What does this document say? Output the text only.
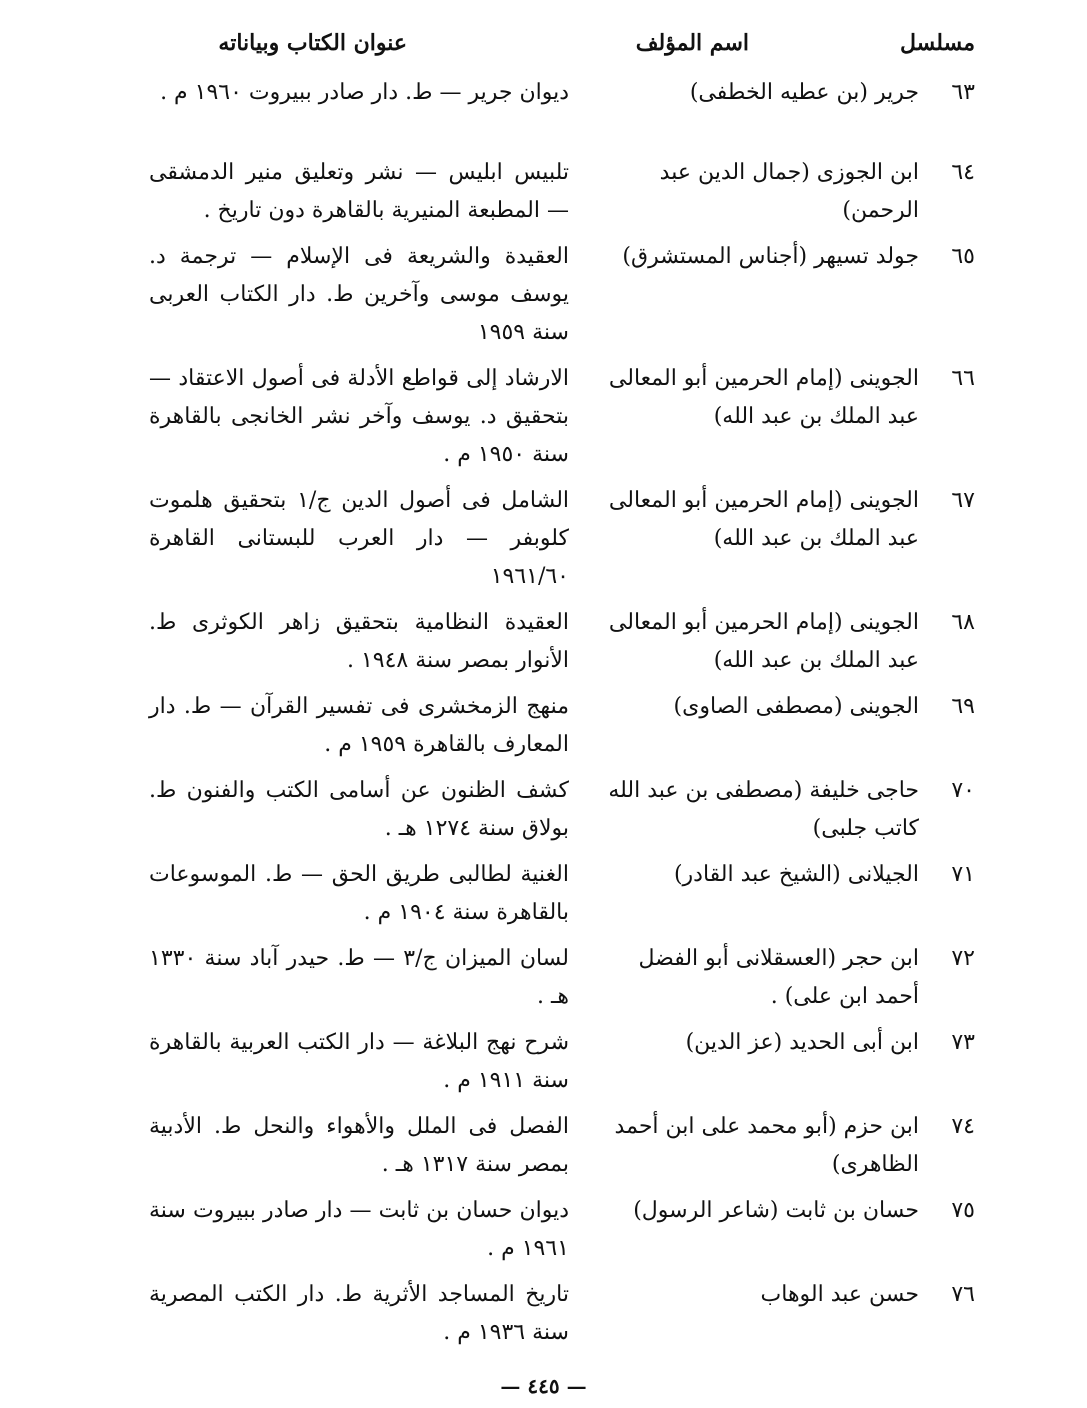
مسلسل
اسم المؤلف
عنوان الكتاب وبياناته
٦٣
جرير (بن عطيه الخطفى)
ديوان جرير — ط. دار صادر ببيروت ١٩٦٠ م .
٦٤
ابن الجوزى (جمال الدين عبد الرحمن)
تلبيس ابليس — نشر وتعليق منير الدمشقى — المطبعة المنيرية بالقاهرة دون تاريخ .
٦٥
جولد تسيهر (أجناس المستشرق)
العقيدة والشريعة فى الإسلام — ترجمة د. يوسف موسى وآخرين ط. دار الكتاب العربى سنة ١٩٥٩
٦٦
الجوينى (إمام الحرمين أبو المعالى عبد الملك بن عبد الله)
الارشاد إلى قواطع الأدلة فى أصول الاعتقاد — بتحقيق د. يوسف وآخر نشر الخانجى بالقاهرة سنة ١٩٥٠ م .
٦٧
الجوينى (إمام الحرمين أبو المعالى عبد الملك بن عبد الله)
الشامل فى أصول الدين ج/١ بتحقيق هلموت كلوبفر — دار العرب للبستانى القاهرة ١٩٦١/٦٠
٦٨
الجوينى (إمام الحرمين أبو المعالى عبد الملك بن عبد الله)
العقيدة النظامية بتحقيق زاهر الكوثرى ط. الأنوار بمصر سنة ١٩٤٨ .
٦٩
الجوينى (مصطفى الصاوى)
منهج الزمخشرى فى تفسير القرآن — ط. دار المعارف بالقاهرة ١٩٥٩ م .
٧٠
حاجى خليفة (مصطفى بن عبد الله كاتب جلبى)
كشف الظنون عن أسامى الكتب والفنون ط. بولاق سنة ١٢٧٤ هـ .
٧١
الجيلانى (الشيخ عبد القادر)
الغنية لطالبى طريق الحق — ط. الموسوعات بالقاهرة سنة ١٩٠٤ م .
٧٢
ابن حجر (العسقلانى أبو الفضل أحمد ابن على) .
لسان الميزان ج/٣ — ط. حيدر آباد سنة ١٣٣٠ هـ .
٧٣
ابن أبى الحديد (عز الدين)
شرح نهج البلاغة — دار الكتب العربية بالقاهرة سنة ١٩١١ م .
٧٤
ابن حزم (أبو محمد على ابن أحمد الظاهرى)
الفصل فى الملل والأهواء والنحل ط. الأدبية بمصر سنة ١٣١٧ هـ .
٧٥
حسان بن ثابت (شاعر الرسول)
ديوان حسان بن ثابت — دار صادر ببيروت سنة ١٩٦١ م .
٧٦
حسن عبد الوهاب
تاريخ المساجد الأثرية ط. دار الكتب المصرية سنة ١٩٣٦ م .
— ٤٤٥ —
